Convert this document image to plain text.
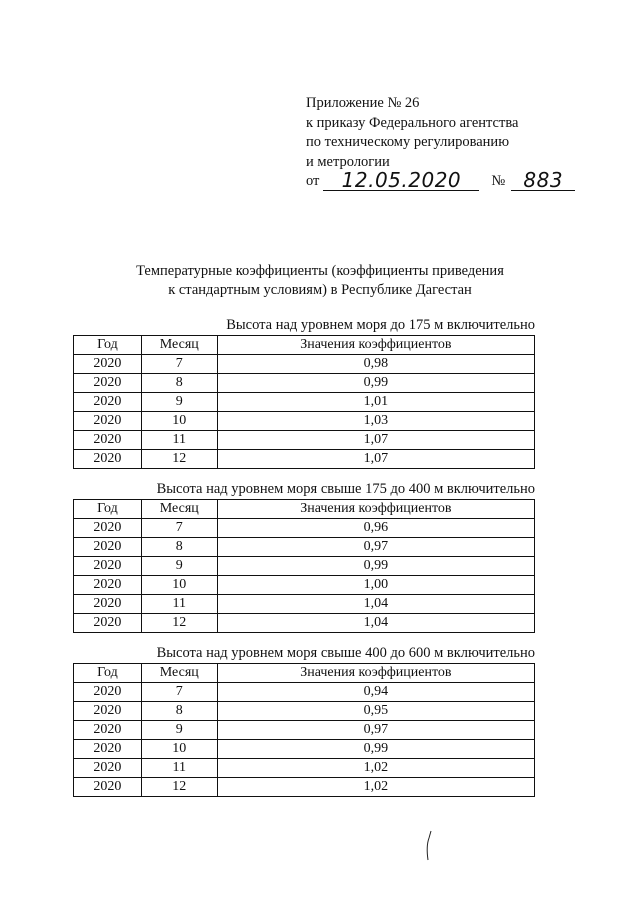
Приложение № 26
к приказу Федерального агентства
по техническому регулированию
и метрологии
от	12.05.2020	№ 883
Температурные коэффициенты (коэффициенты приведения
к стандартным условиям) в Республике Дагестан
Высота над уровнем моря до 175 м включительно
Год	Месяц	Значения коэффициентов
2020	7	0,98
2020	8	0,99
2020	9	1,01
2020	10	1,03
2020	11	1,07
2020	12	1,07
Высота над уровнем моря свыше 175 до 400 м включительно
Год	Месяц	Значения коэффициентов
2020	7	0,96
2020	8	0,97
2020	9	0,99
2020	10	1,00
2020	11	1,04
2020	12	1,04
Высота над уровнем моря свыше 400 до 600 м включительно
Год	Месяц	Значения коэффициентов
2020	7	0,94
2020	8	0,95
2020	9	0,97
2020	10	0,99
2020	11	1,02
2020	12	1,02
